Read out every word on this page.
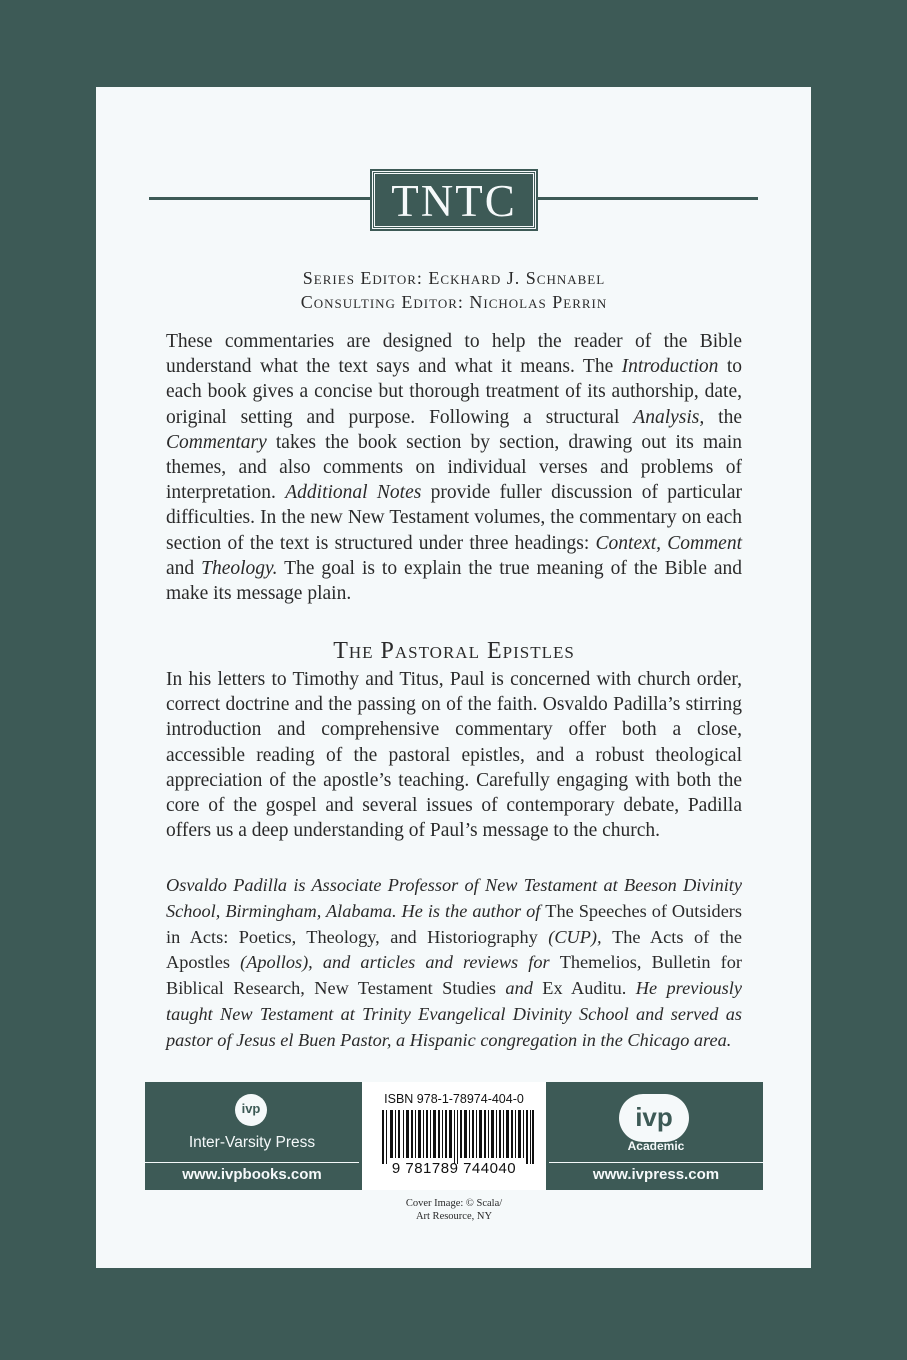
TNTC
Series Editor: Eckhard J. Schnabel
Consulting Editor: Nicholas Perrin
These commentaries are designed to help the reader of the Bible understand what the text says and what it means. The Introduction to each book gives a concise but thorough treatment of its authorship, date, original setting and purpose. Following a structural Analysis, the Commentary takes the book section by section, drawing out its main themes, and also comments on individual verses and problems of interpretation. Additional Notes provide fuller discussion of particular difficulties. In the new New Testament volumes, the commentary on each section of the text is structured under three headings: Context, Comment and Theology. The goal is to explain the true meaning of the Bible and make its message plain.
The Pastoral Epistles
In his letters to Timothy and Titus, Paul is concerned with church order, correct doctrine and the passing on of the faith. Osvaldo Padilla’s stirring introduction and comprehensive commentary offer both a close, accessible reading of the pastoral epistles, and a robust theological appreciation of the apostle’s teaching. Carefully engaging with both the core of the gospel and several issues of contemporary debate, Padilla offers us a deep understanding of Paul’s message to the church.
Osvaldo Padilla is Associate Professor of New Testament at Beeson Divinity School, Birmingham, Alabama. He is the author of The Speeches of Outsiders in Acts: Poetics, Theology, and Historiography (CUP), The Acts of the Apostles (Apollos), and articles and reviews for Themelios, Bulletin for Biblical Research, New Testament Studies and Ex Auditu. He previously taught New Testament at Trinity Evangelical Divinity School and served as pastor of Jesus el Buen Pastor, a Hispanic congregation in the Chicago area.
ivp
Inter-Varsity Press
www.ivpbooks.com
ISBN 978-1-78974-404-0
9 781789 744040
ivp
Academic
www.ivpress.com
Cover Image: © Scala/
Art Resource, NY
